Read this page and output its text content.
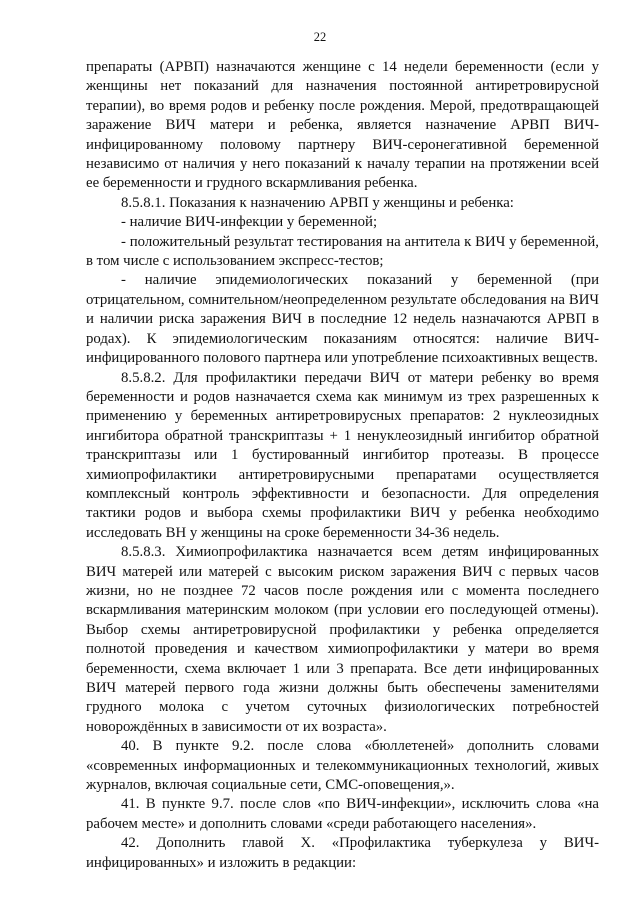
22

препараты (АРВП) назначаются женщине с 14 недели беременности (если у женщины нет показаний для назначения постоянной антиретровирусной терапии), во время родов и ребенку после рождения. Мерой, предотвращающей заражение ВИЧ матери и ребенка, является назначение АРВП ВИЧ-инфицированному половому партнеру ВИЧ-серонегативной беременной независимо от наличия у него показаний к началу терапии на протяжении всей ее беременности и грудного вскармливания ребенка.

8.5.8.1. Показания к назначению АРВП у женщины и ребенка:

- наличие ВИЧ-инфекции у беременной;

- положительный результат тестирования на антитела к ВИЧ у беременной, в том числе с использованием экспресс-тестов;

- наличие эпидемиологических показаний у беременной (при отрицательном, сомнительном/неопределенном результате обследования на ВИЧ и наличии риска заражения ВИЧ в последние 12 недель назначаются АРВП в родах). К эпидемиологическим показаниям относятся: наличие ВИЧ-инфицированного полового партнера или употребление психоактивных веществ.

8.5.8.2. Для профилактики передачи ВИЧ от матери ребенку во время беременности и родов назначается схема как минимум из трех разрешенных к применению у беременных антиретровирусных препаратов: 2 нуклеозидных ингибитора обратной транскриптазы + 1 ненуклеозидный ингибитор обратной транскриптазы или 1 бустированный ингибитор протеазы. В процессе химиопрофилактики антиретровирусными препаратами осуществляется комплексный контроль эффективности и безопасности. Для определения тактики родов и выбора схемы профилактики ВИЧ у ребенка необходимо исследовать ВН у женщины на сроке беременности 34-36 недель.

8.5.8.3. Химиопрофилактика назначается всем детям инфицированных ВИЧ матерей или матерей с высоким риском заражения ВИЧ с первых часов жизни, но не позднее 72 часов после рождения или с момента последнего вскармливания материнским молоком (при условии его последующей отмены). Выбор схемы антиретровирусной профилактики у ребенка определяется полнотой проведения и качеством химиопрофилактики у матери во время беременности, схема включает 1 или 3 препарата. Все дети инфицированных ВИЧ матерей первого года жизни должны быть обеспечены заменителями грудного молока с учетом суточных физиологических потребностей новорождённых в зависимости от их возраста».

40. В пункте 9.2. после слова «бюллетеней» дополнить словами «современных информационных и телекоммуникационных технологий, живых журналов, включая социальные сети, СМС-оповещения,».

41. В пункте 9.7. после слов «по ВИЧ-инфекции», исключить слова «на рабочем месте» и дополнить словами «среди работающего населения».

42. Дополнить главой X. «Профилактика туберкулеза у ВИЧ-инфицированных» и изложить в редакции:
